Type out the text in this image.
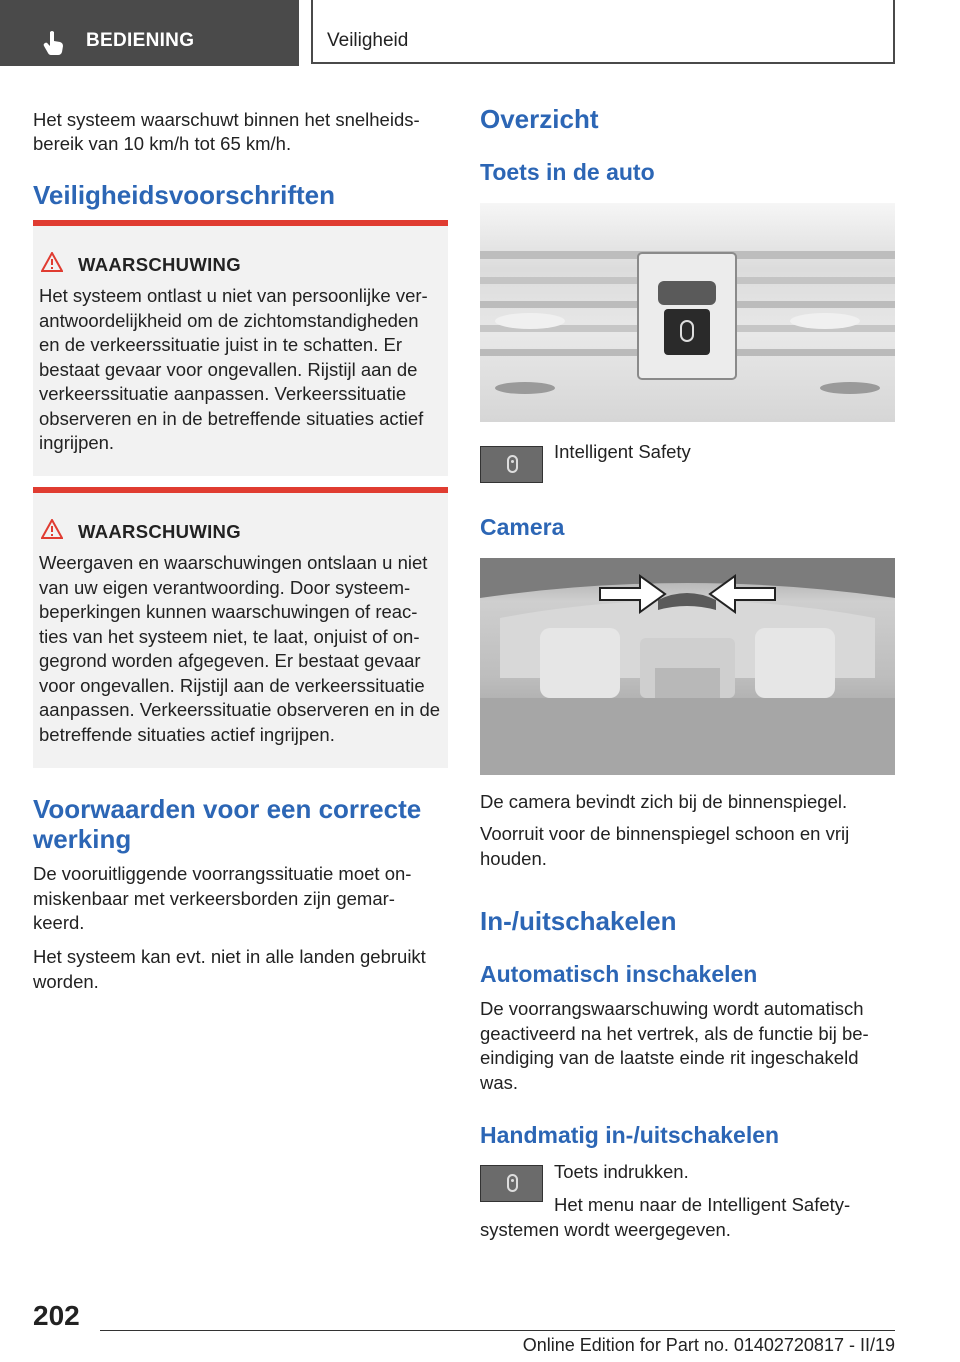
BEDIENING	Veiligheid

Het systeem waarschuwt binnen het snelheids-

bereik van 10 km/h tot 65 km/h.

Veiligheidsvoorschriften
WAARSCHUWING

Het systeem ontlast u niet van persoonlijke ver-antwoordelijkheid om de zichtomstandigheden en de verkeerssituatie juist in te schatten. Er bestaat gevaar voor ongevallen. Rijstijl aan de verkeerssituatie aanpassen. Verkeerssituatie observeren en in de betreffende situaties actief ingrijpen.

WAARSCHUWING

Weergaven en waarschuwingen ontslaan u niet van uw eigen verantwoording. Door systeem-beperkingen kunnen waarschuwingen of reac-ties van het systeem niet, te laat, onjuist of on-gegrond worden afgegeven. Er bestaat gevaar voor ongevallen. Rijstijl aan de verkeerssituatie aanpassen. Verkeerssituatie observeren en in de betreffende situaties actief ingrijpen.

Voorwaarden voor een correcte werking

De vooruitliggende voorrangssituatie moet on-miskenbaar met verkeersborden zijn gemar-keerd.

Het systeem kan evt. niet in alle landen gebruikt worden.

Overzicht
Toets in de auto

Intelligent Safety

Camera

De camera bevindt zich bij de binnenspiegel.

Voorruit voor de binnenspiegel schoon en vrij houden.

In-/uitschakelen
Automatisch inschakelen

De voorrangswaarschuwing wordt automatisch geactiveerd na het vertrek, als de functie bij be-eindiging van de laatste einde rit ingeschakeld was.

Handmatig in-/uitschakelen

Toets indrukken.

Het menu naar de Intelligent Safety-systemen wordt weergegeven.

202
Online Edition for Part no. 01402720817 - II/19
